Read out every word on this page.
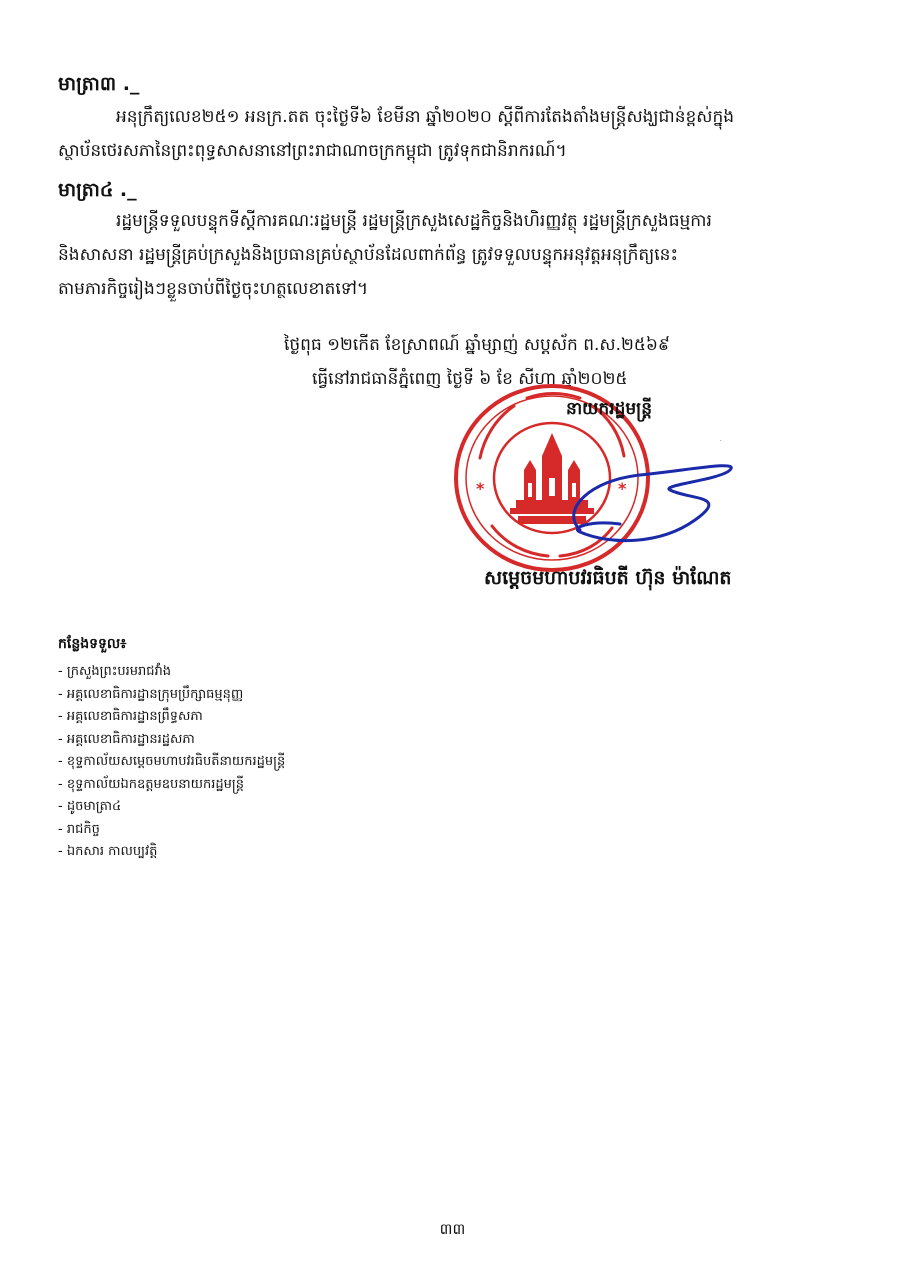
មាត្រា៣ ._
អនុក្រឹត្យលេខ២៥១ អនក្រ.តត ចុះថ្ងៃទី៦ ខែមីនា ឆ្នាំ២០២០ ស្តីពីការតែងតាំងមន្ត្រីសង្ឃជាន់ខ្ពស់ក្នុង
ស្ថាប័នថេរសភានៃព្រះពុទ្ធសាសនានៅព្រះរាជាណាចក្រកម្ពុជា ត្រូវទុកជានិរាករណ៍។
មាត្រា៤ ._
រដ្ឋមន្ត្រីទទួលបន្ទុកទីស្តីការគណៈរដ្ឋមន្ត្រី រដ្ឋមន្ត្រីក្រសួងសេដ្ឋកិច្ចនិងហិរញ្ញវត្ថុ រដ្ឋមន្ត្រីក្រសួងធម្មការ
និងសាសនា រដ្ឋមន្ត្រីគ្រប់ក្រសួងនិងប្រធានគ្រប់ស្ថាប័នដែលពាក់ព័ន្ធ ត្រូវទទួលបន្ទុកអនុវត្តអនុក្រឹត្យនេះ
តាមភារកិច្ចរៀងៗខ្លួនចាប់ពីថ្ងៃចុះហត្ថលេខាតទៅ។
ថ្ងៃពុធ ១២កើត ខែស្រាពណ៍ ឆ្នាំម្សាញ់ សប្តស័ក ព.ស.២៥៦៩
ធ្វើនៅរាជធានីភ្នំពេញ ថ្ងៃទី ៦ ខែ សីហា ឆ្នាំ២០២៥
*	*
នាយករដ្ឋមន្ត្រី
សម្តេចមហាបវរធិបតី ហ៊ុន ម៉ាណែត
កន្លែងទទួល៖
- ក្រសួងព្រះបរមរាជវាំង
- អគ្គលេខាធិការដ្ឋានក្រុមប្រឹក្សាធម្មនុញ្ញ
- អគ្គលេខាធិការដ្ឋានព្រឹទ្ធសភា
- អគ្គលេខាធិការដ្ឋានរដ្ឋសភា
- ខុទ្ទកាល័យសម្តេចមហាបវរធិបតីនាយករដ្ឋមន្ត្រី
- ខុទ្ទកាល័យឯកឧត្តមឧបនាយករដ្ឋមន្ត្រី
- ដូចមាត្រា៤
- រាជកិច្ច
- ឯកសារ កាលប្បវត្តិ
៣៣
